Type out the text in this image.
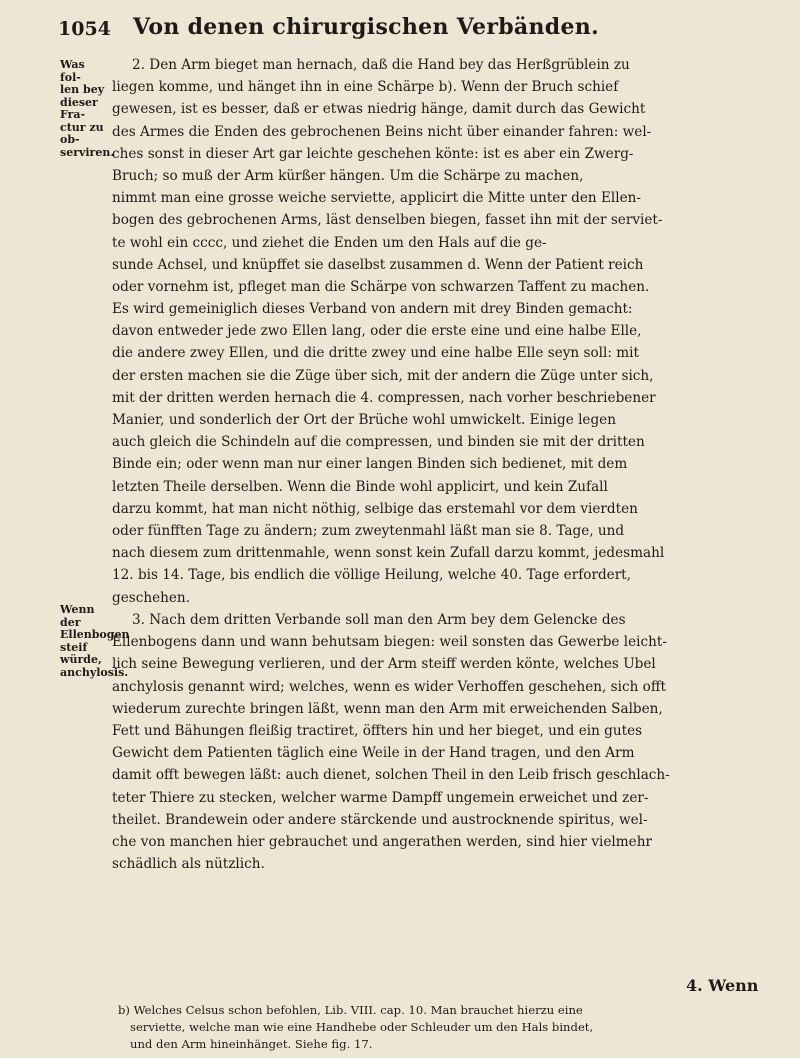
1054 Von denen chirurgischen Verbänden.
Was fol-
len bey
dieser Fra-
ctur zu ob-
serviren.
Wenn der
Ellenbogen
steif würde,
anchylosis.
2. Den Arm bieget man hernach, daß die Hand bey das Herßgrüblein zu
liegen komme, und hänget ihn in eine Schärpe b). Wenn der Bruch schief
gewesen, ist es besser, daß er etwas niedrig hänge, damit durch das Gewicht
des Armes die Enden des gebrochenen Beins nicht über einander fahren: wel-
ches sonst in dieser Art gar leichte geschehen könte: ist es aber ein Zwerg-
Bruch; so muß der Arm kürßer hängen. Um die Schärpe zu machen,
nimmt man eine grosse weiche serviette, applicirt die Mitte unter den Ellen-
bogen des gebrochenen Arms, läst denselben biegen, fasset ihn mit der serviet-
te wohl ein cccc, und ziehet die Enden um den Hals auf die ge-
sunde Achsel, und knüpffet sie daselbst zusammen d. Wenn der Patient reich
oder vornehm ist, pfleget man die Schärpe von schwarzen Taffent zu machen.
Es wird gemeiniglich dieses Verband von andern mit drey Binden gemacht:
davon entweder jede zwo Ellen lang, oder die erste eine und eine halbe Elle,
die andere zwey Ellen, und die dritte zwey und eine halbe Elle seyn soll: mit
der ersten machen sie die Züge über sich, mit der andern die Züge unter sich,
mit der dritten werden hernach die 4. compressen, nach vorher beschriebener
Manier, und sonderlich der Ort der Brüche wohl umwickelt. Einige legen
auch gleich die Schindeln auf die compressen, und binden sie mit der dritten
Binde ein; oder wenn man nur einer langen Binden sich bedienet, mit dem
letzten Theile derselben. Wenn die Binde wohl applicirt, und kein Zufall
darzu kommt, hat man nicht nöthig, selbige das erstemahl vor dem vierdten
oder fünfften Tage zu ändern; zum zweytenmahl läßt man sie 8. Tage, und
nach diesem zum drittenmahle, wenn sonst kein Zufall darzu kommt, jedesmahl
12. bis 14. Tage, bis endlich die völlige Heilung, welche 40. Tage erfordert,
geschehen.
3. Nach dem dritten Verbande soll man den Arm bey dem Gelencke des
Ellenbogens dann und wann behutsam biegen: weil sonsten das Gewerbe leicht-
lich seine Bewegung verlieren, und der Arm steiff werden könte, welches Ubel
anchylosis genannt wird; welches, wenn es wider Verhoffen geschehen, sich offt
wiederum zurechte bringen läßt, wenn man den Arm mit erweichenden Salben,
Fett und Bähungen fleißig tractiret, öffters hin und her bieget, und ein gutes
Gewicht dem Patienten täglich eine Weile in der Hand tragen, und den Arm
damit offt bewegen läßt: auch dienet, solchen Theil in den Leib frisch geschlach-
teter Thiere zu stecken, welcher warme Dampff ungemein erweichet und zer-
theilet. Brandewein oder andere stärckende und austrocknende spiritus, wel-
che von manchen hier gebrauchet und angerathen werden, sind hier vielmehr
schädlich als nützlich.
4. Wenn
b) Welches Celsus schon befohlen, Lib. VIII. cap. 10. Man brauchet hierzu eine
serviette, welche man wie eine Handhebe oder Schleuder um den Hals bindet,
und den Arm hineinhänget. Siehe fig. 17.
